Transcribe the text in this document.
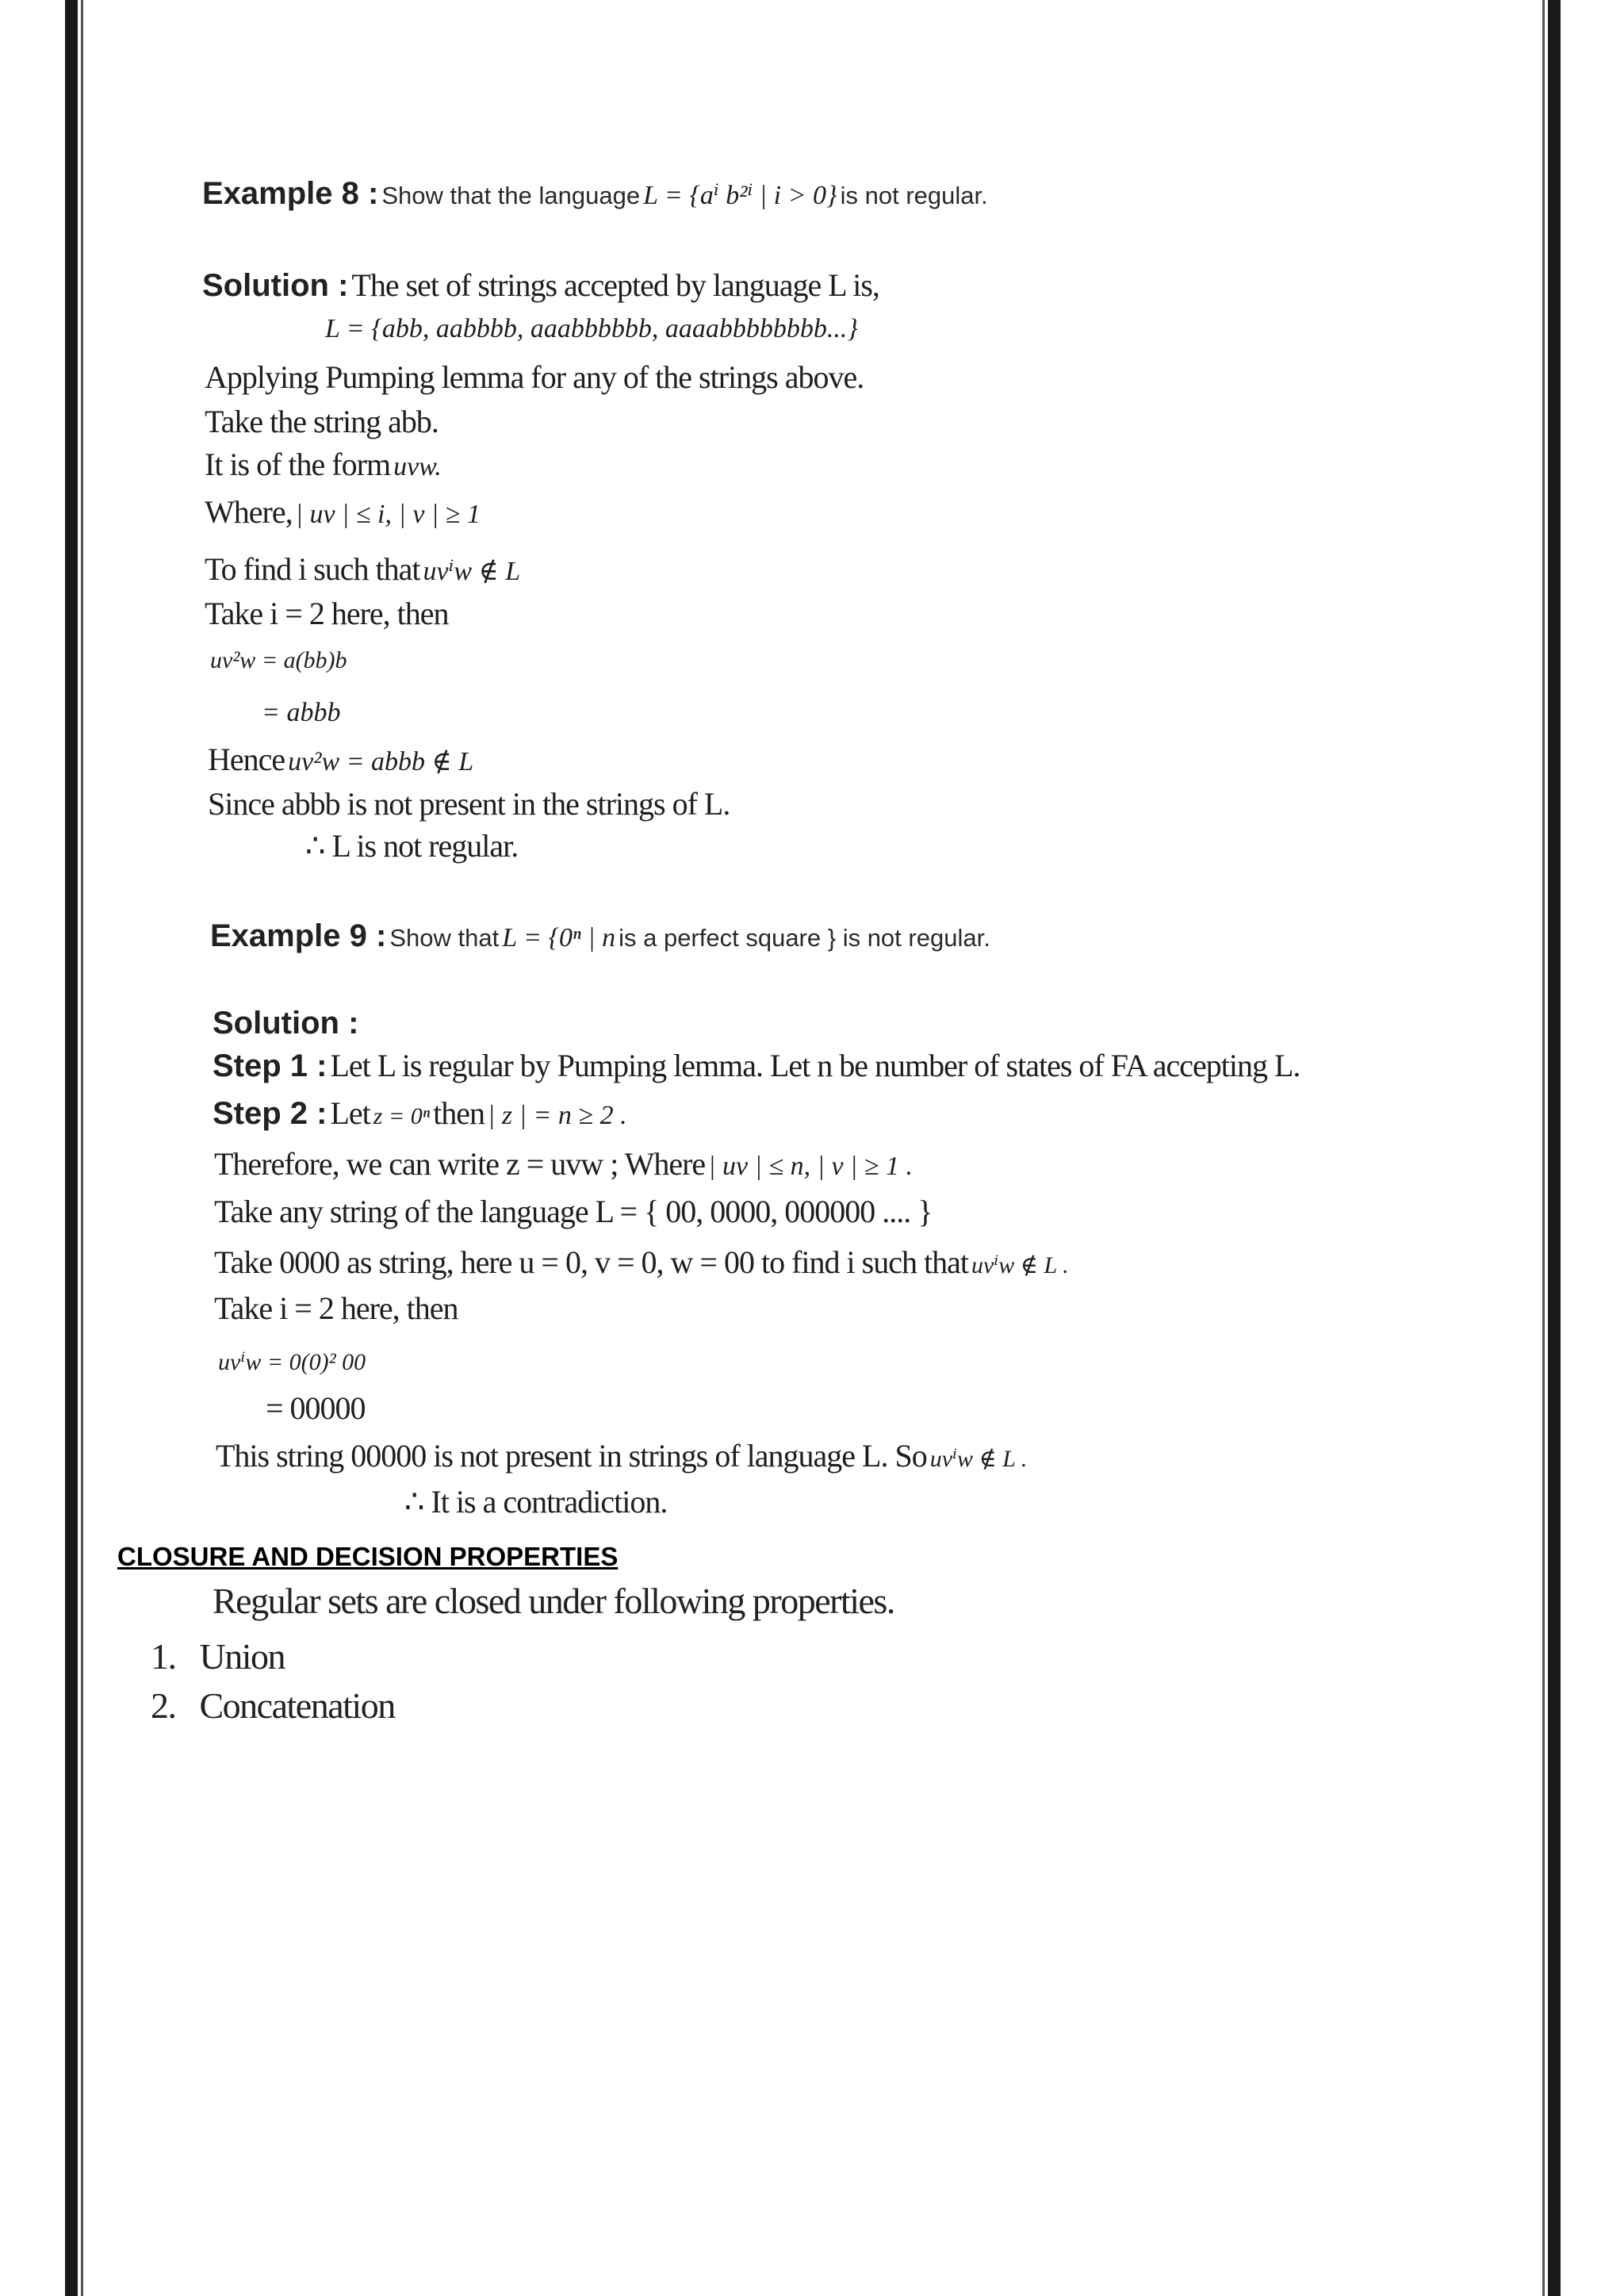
Example 8 : Show that the language L = {aⁱ b²ⁱ | i > 0} is not regular.
Solution : The set of strings accepted by language L is,
L = {abb, aabbbb, aaabbbbbb, aaaabbbbbbbb...}
Applying Pumping lemma for any of the strings above.
Take the string abb.
It is of the form uvw.
Where, | uv | ≤ i, | v | ≥ 1
To find i such that uvⁱw ∉ L
Take i = 2 here, then
uv²w = a(bb)b
= abbb
Hence uv²w = abbb ∉ L
Since abbb is not present in the strings of L.
∴ L is not regular.
Example 9 : Show that L = {0ⁿ | n is a perfect square } is not regular.
Solution :
Step 1 : Let L is regular by Pumping lemma. Let n be number of states of FA accepting L.
Step 2 : Let z = 0ⁿ then | z | = n ≥ 2 .
Therefore, we can write z = uvw ; Where | uv | ≤ n, | v | ≥ 1 .
Take any string of the language L = { 00, 0000, 000000 .... }
Take 0000 as string, here u = 0, v = 0, w = 00 to find i such that uvⁱw ∉ L .
Take i = 2 here, then
uvⁱw = 0(0)² 00
= 00000
This string 00000 is not present in strings of language L. So uvⁱw ∉ L .
∴ It is a contradiction.
CLOSURE AND DECISION PROPERTIES
Regular sets are closed under following properties.
1. Union
2. Concatenation
